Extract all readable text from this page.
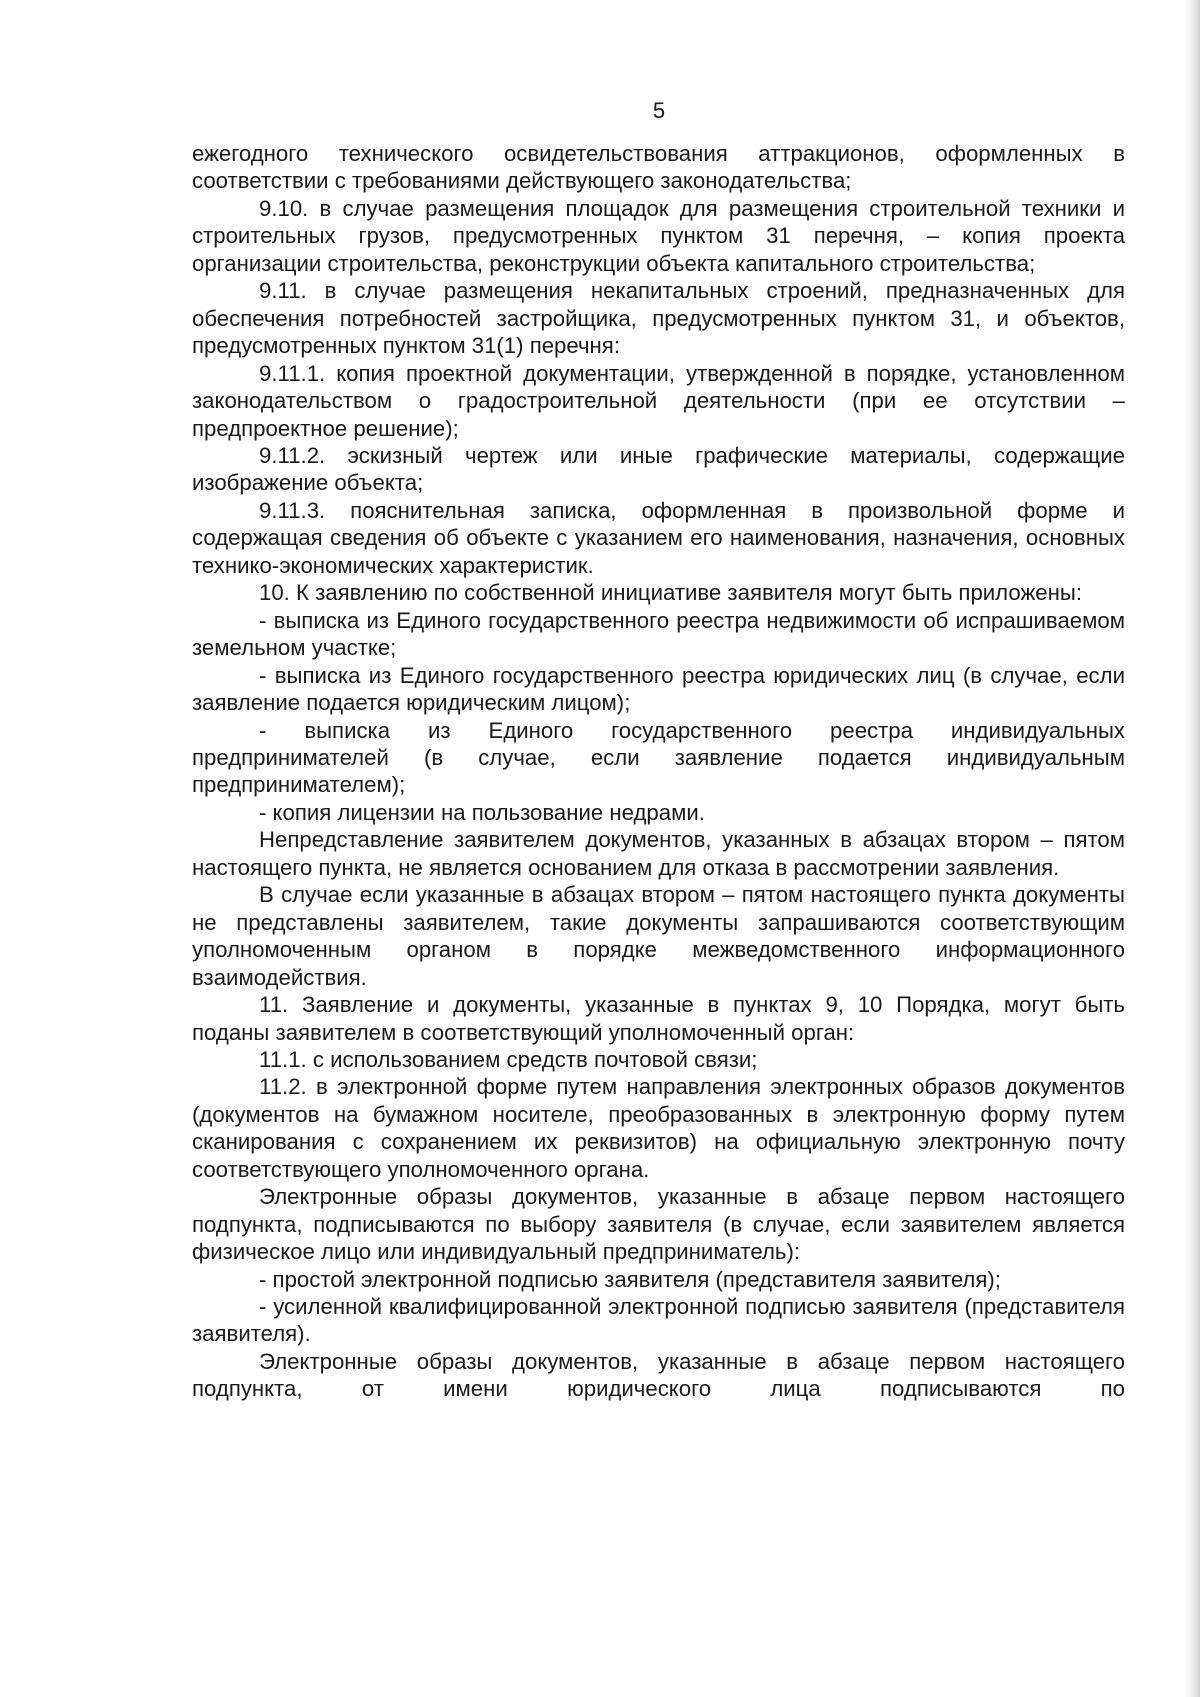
5

ежегодного технического освидетельствования аттракционов, оформленных в соответствии с требованиями действующего законодательства;

9.10. в случае размещения площадок для размещения строительной техники и строительных грузов, предусмотренных пунктом 31 перечня, – копия проекта организации строительства, реконструкции объекта капитального строительства;

9.11. в случае размещения некапитальных строений, предназначенных для обеспечения потребностей застройщика, предусмотренных пунктом 31, и объектов, предусмотренных пунктом 31(1) перечня:

9.11.1. копия проектной документации, утвержденной в порядке, установленном законодательством о градостроительной деятельности (при ее отсутствии – предпроектное решение);

9.11.2. эскизный чертеж или иные графические материалы, содержащие изображение объекта;

9.11.3. пояснительная записка, оформленная в произвольной форме и содержащая сведения об объекте с указанием его наименования, назначения, основных технико-экономических характеристик.

10. К заявлению по собственной инициативе заявителя могут быть приложены:

- выписка из Единого государственного реестра недвижимости об испрашиваемом земельном участке;

- выписка из Единого государственного реестра юридических лиц (в случае, если заявление подается юридическим лицом);

- выписка из Единого государственного реестра индивидуальных предпринимателей (в случае, если заявление подается индивидуальным предпринимателем);

- копия лицензии на пользование недрами.

Непредставление заявителем документов, указанных в абзацах втором – пятом настоящего пункта, не является основанием для отказа в рассмотрении заявления.

В случае если указанные в абзацах втором – пятом настоящего пункта документы не представлены заявителем, такие документы запрашиваются соответствующим уполномоченным органом в порядке межведомственного информационного взаимодействия.

11. Заявление и документы, указанные в пунктах 9, 10 Порядка, могут быть поданы заявителем в соответствующий уполномоченный орган:

11.1. с использованием средств почтовой связи;

11.2. в электронной форме путем направления электронных образов документов (документов на бумажном носителе, преобразованных в электронную форму путем сканирования с сохранением их реквизитов) на официальную электронную почту соответствующего уполномоченного органа.

Электронные образы документов, указанные в абзаце первом настоящего подпункта, подписываются по выбору заявителя (в случае, если заявителем является физическое лицо или индивидуальный предприниматель):

- простой электронной подписью заявителя (представителя заявителя);

- усиленной квалифицированной электронной подписью заявителя (представителя заявителя).

Электронные образы документов, указанные в абзаце первом настоящего подпункта, от имени юридического лица подписываются по
